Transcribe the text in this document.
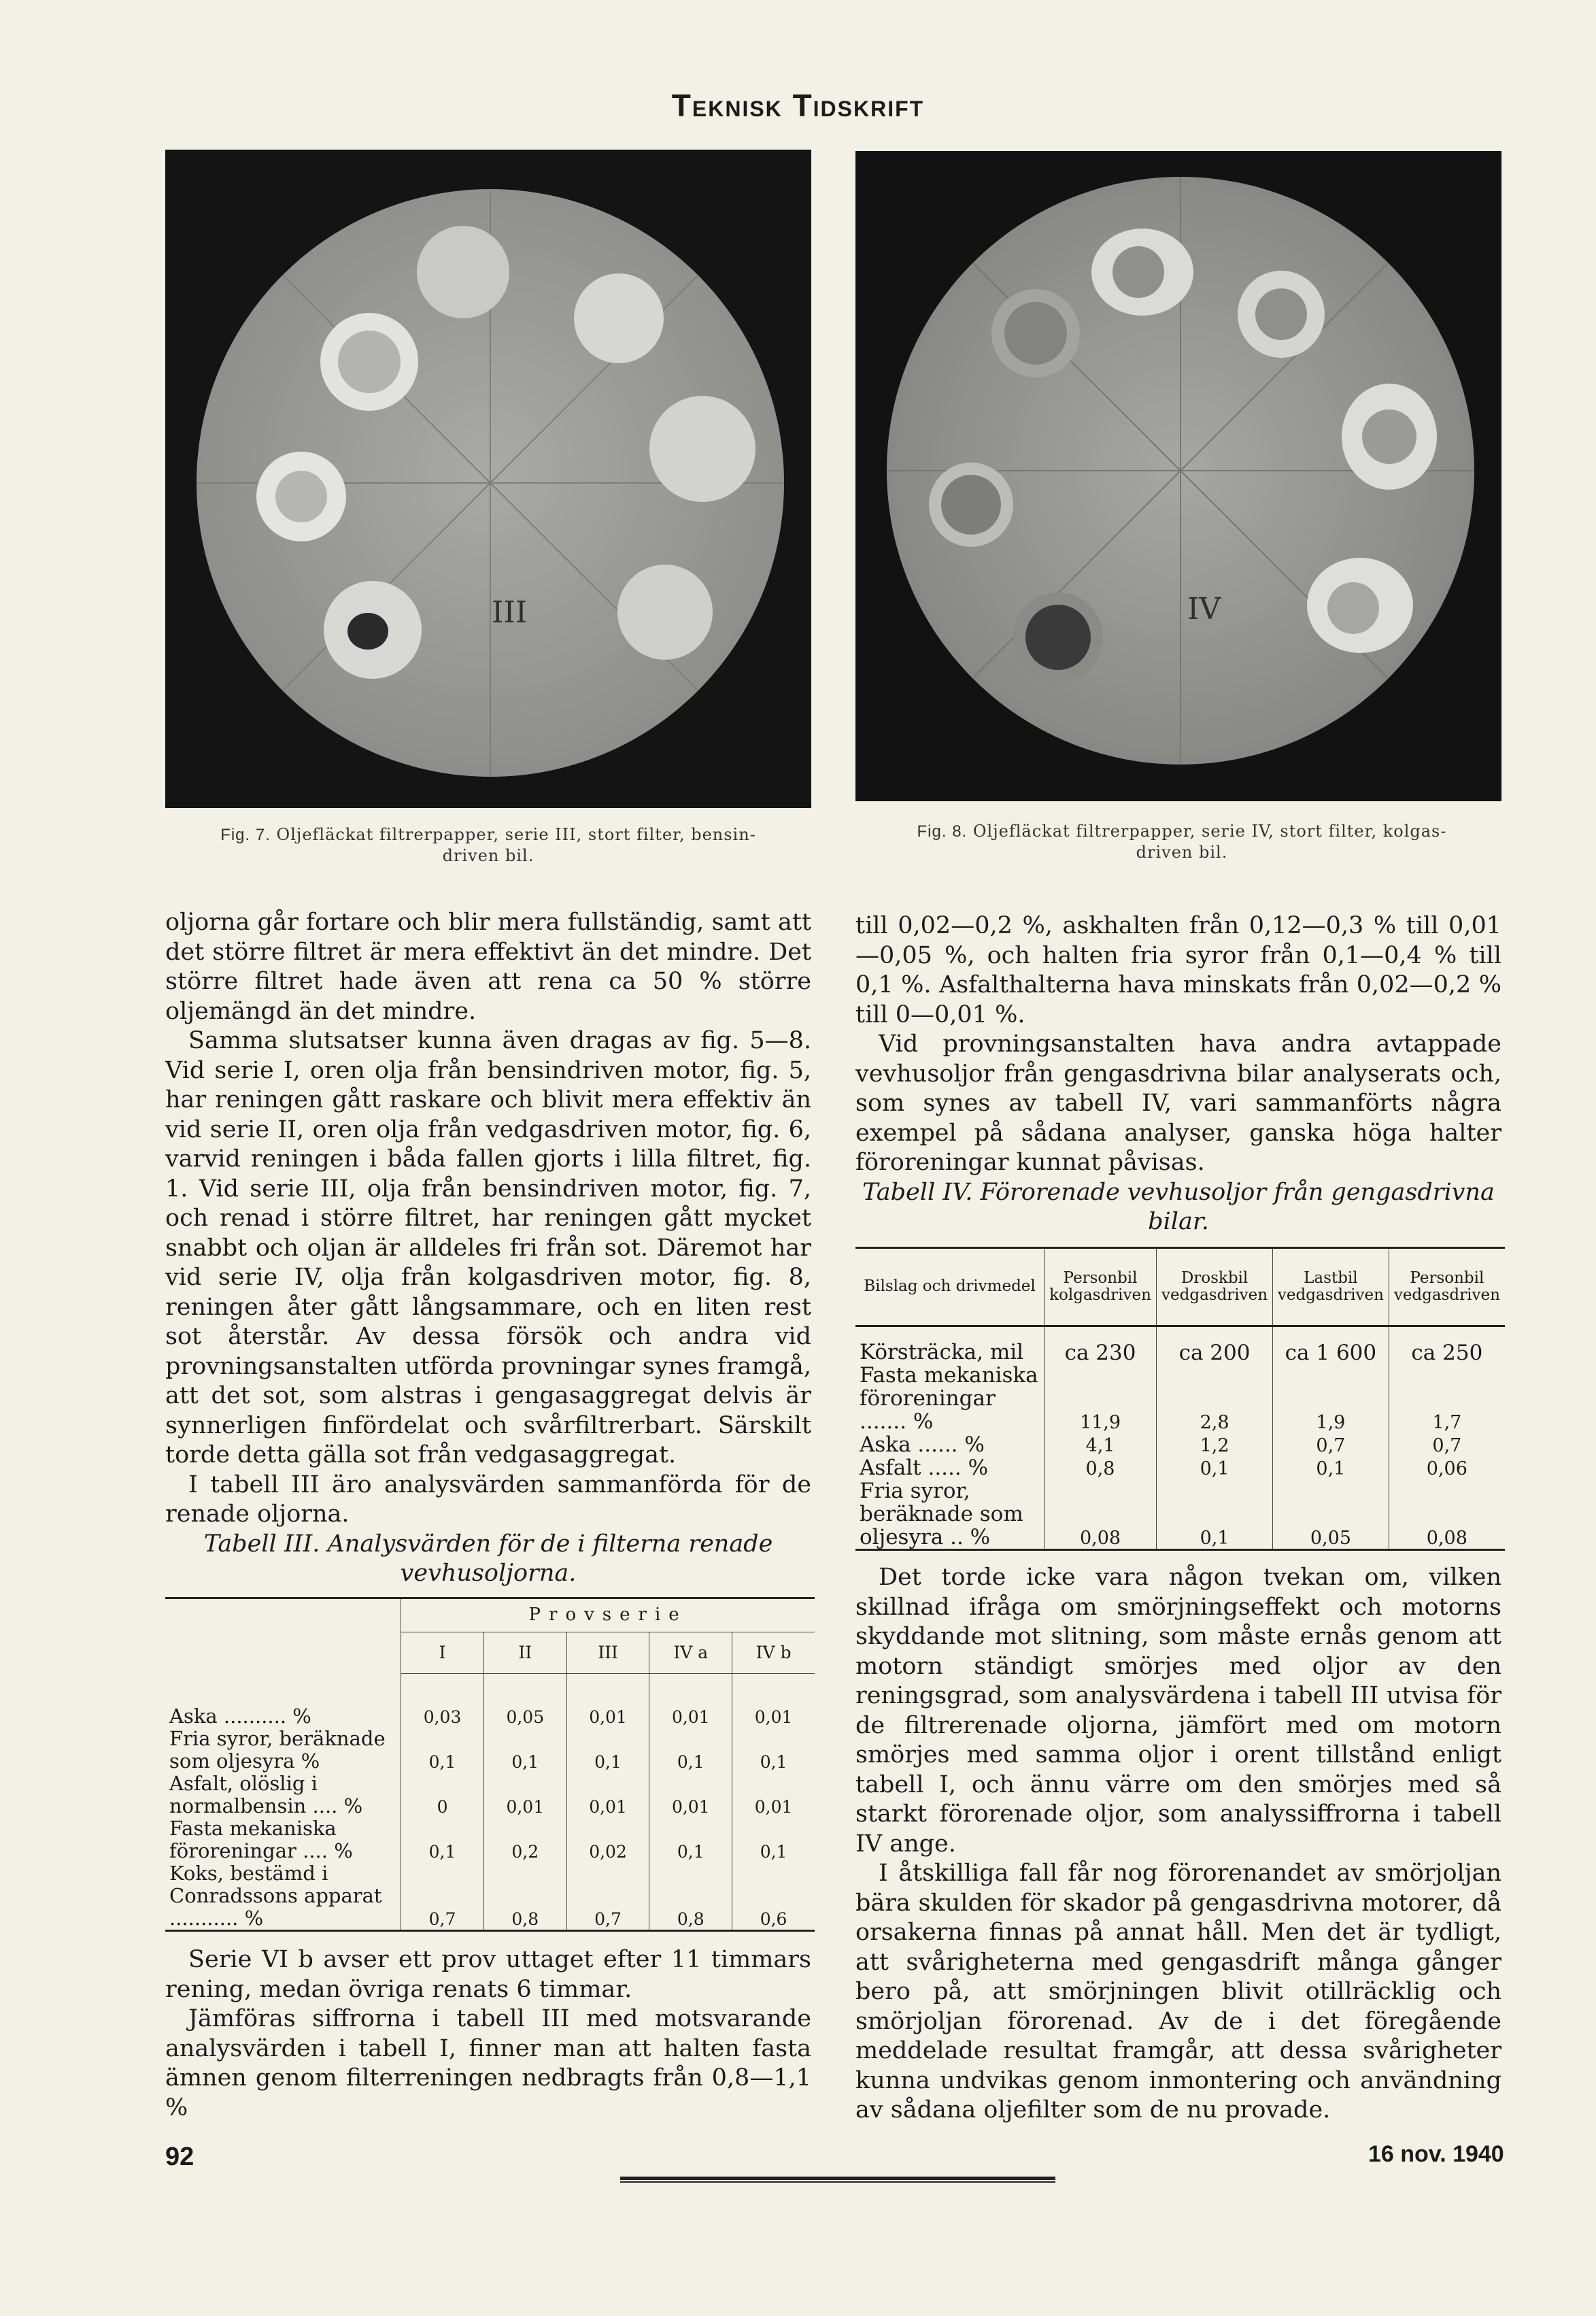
Teknisk Tidskrift
III	IV
Fig. 7. Oljefläckat filtrerpapper, serie III, stort filter, bensin-
driven bil.
Fig. 8. Oljefläckat filtrerpapper, serie IV, stort filter, kolgas-
driven bil.

oljorna går fortare och blir mera fullständig, samt att det större filtret är mera effektivt än det mindre. Det större filtret hade även att rena ca 50 % större oljemängd än det mindre.

Samma slutsatser kunna även dragas av fig. 5—8. Vid serie I, oren olja från bensindriven motor, fig. 5, har reningen gått raskare och blivit mera effektiv än vid serie II, oren olja från vedgasdriven motor, fig. 6, varvid reningen i båda fallen gjorts i lilla filtret, fig. 1. Vid serie III, olja från bensindriven motor, fig. 7, och renad i större filtret, har reningen gått mycket snabbt och oljan är alldeles fri från sot. Däremot har vid serie IV, olja från kolgasdriven motor, fig. 8, reningen åter gått långsammare, och en liten rest sot återstår. Av dessa försök och andra vid provningsanstalten utförda provningar synes framgå, att det sot, som alstras i gengasaggregat delvis är synnerligen finfördelat och svårfiltrerbart. Särskilt torde detta gälla sot från vedgasaggregat.

I tabell III äro analysvärden sammanförda för de renade oljorna.

Tabell III. Analysvärden för de i filterna renade vevhusoljorna.

	Provserie				
	I	II	III	IV a	IV b
Aska .......... %	0,03	0,05	0,01	0,01	0,01
Fria syror, beräknade som oljesyra %	0,1	0,1	0,1	0,1	0,1
Asfalt, olöslig i normalbensin .... %	0	0,01	0,01	0,01	0,01
Fasta mekaniska föroreningar .... %	0,1	0,2	0,02	0,1	0,1
Koks, bestämd i Conradssons apparat ........... %	0,7	0,8	0,7	0,8	0,6

Serie VI b avser ett prov uttaget efter 11 timmars rening, medan övriga renats 6 timmar.

Jämföras siffrorna i tabell III med motsvarande analysvärden i tabell I, finner man att halten fasta ämnen genom filterreningen nedbragts från 0,8—1,1 %

till 0,02—0,2 %, askhalten från 0,12—0,3 % till 0,01—0,05 %, och halten fria syror från 0,1—0,4 % till 0,1 %. Asfalthalterna hava minskats från 0,02—0,2 % till 0—0,01 %.

Vid provningsanstalten hava andra avtappade vevhusoljor från gengasdrivna bilar analyserats och, som synes av tabell IV, vari sammanförts några exempel på sådana analyser, ganska höga halter föroreningar kunnat påvisas.

Tabell IV. Förorenade vevhusoljor från gengasdrivna bilar.

Bilslag och drivmedel	Personbil kolgasdriven	Droskbil vedgasdriven	Lastbil vedgasdriven	Personbil vedgasdriven

Körsträcka, mil	ca 230	ca 200	ca 1 600	ca 250
Fasta mekaniska föroreningar ....... %	11,9	2,8	1,9	1,7
Aska ...... %	4,1	1,2	0,7	0,7
Asfalt ..... %	0,8	0,1	0,1	0,06
Fria syror, beräknade som oljesyra .. %	0,08	0,1	0,05	0,08

Det torde icke vara någon tvekan om, vilken skillnad ifråga om smörjningseffekt och motorns skyddande mot slitning, som måste ernås genom att motorn ständigt smörjes med oljor av den reningsgrad, som analysvärdena i tabell III utvisa för de filtrerenade oljorna, jämfört med om motorn smörjes med samma oljor i orent tillstånd enligt tabell I, och ännu värre om den smörjes med så starkt förorenade oljor, som analyssiffrorna i tabell IV ange.

I åtskilliga fall får nog förorenandet av smörjoljan bära skulden för skador på gengasdrivna motorer, då orsakerna finnas på annat håll. Men det är tydligt, att svårigheterna med gengasdrift många gånger bero på, att smörjningen blivit otillräcklig och smörjoljan förorenad. Av de i det föregående meddelade resultat framgår, att dessa svårigheter kunna undvikas genom inmontering och användning av sådana oljefilter som de nu provade.

92	16 nov. 1940
